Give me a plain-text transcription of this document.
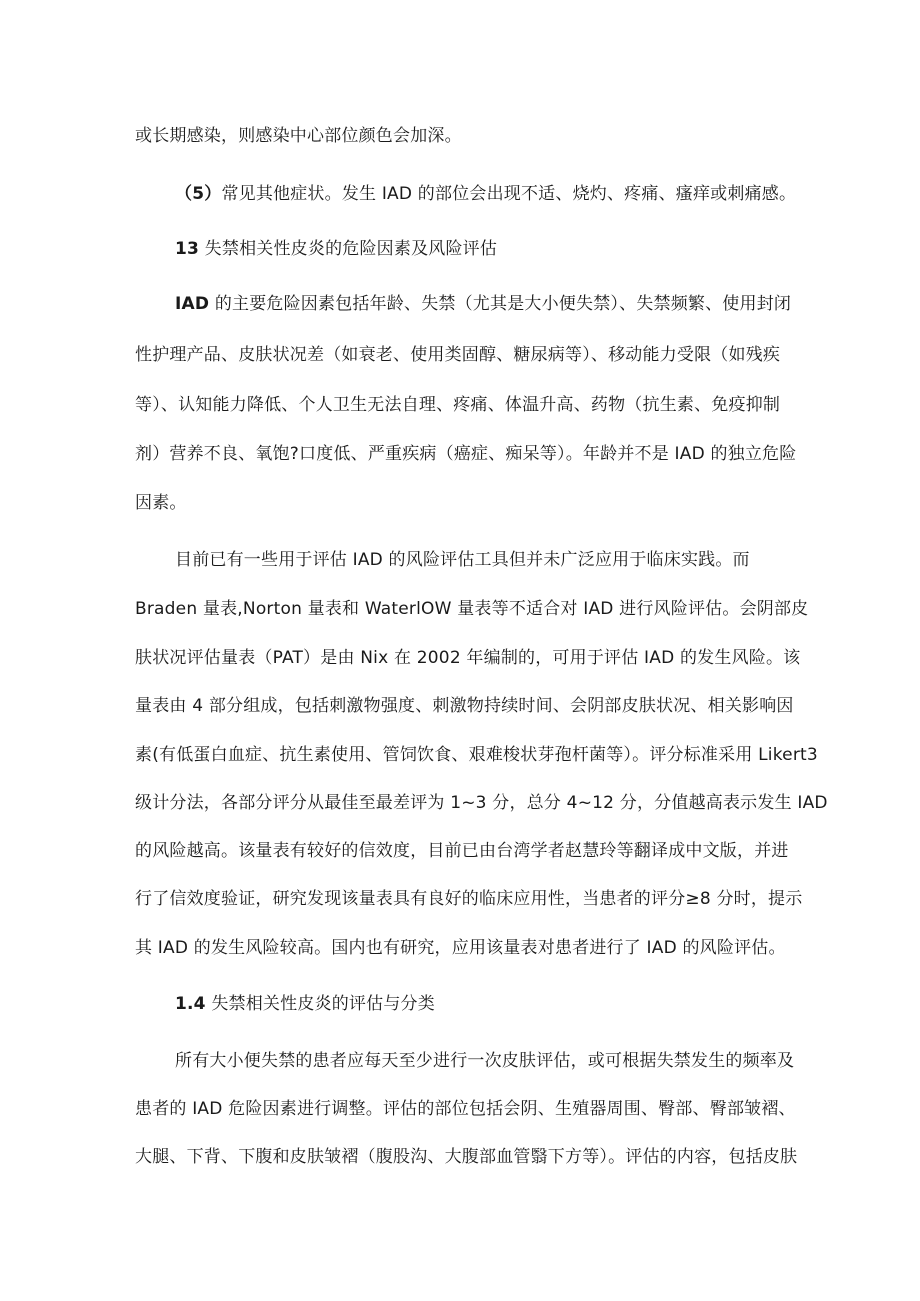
或长期感染，则感染中心部位颜色会加深。
（5）常见其他症状。发生 IAD 的部位会出现不适、烧灼、疼痛、瘙痒或刺痛感。
13 失禁相关性皮炎的危险因素及风险评估
IAD 的主要危险因素包括年龄、失禁（尤其是大小便失禁）、失禁频繁、使用封闭
性护理产品、皮肤状况差（如衰老、使用类固醇、糖尿病等）、移动能力受限（如残疾
等）、认知能力降低、个人卫生无法自理、疼痛、体温升高、药物（抗生素、免疫抑制
剂）营养不良、氧饱?口度低、严重疾病（癌症、痴呆等）。年龄并不是 IAD 的独立危险
因素。
目前已有一些用于评估 IAD 的风险评估工具但并未广泛应用于临床实践。而
Braden 量表,Norton 量表和 WaterlOW 量表等不适合对 IAD 进行风险评估。会阴部皮
肤状况评估量表（PAT）是由 Nix 在 2002 年编制的，可用于评估 IAD 的发生风险。该
量表由 4 部分组成，包括刺激物强度、刺激物持续时间、会阴部皮肤状况、相关影响因
素(有低蛋白血症、抗生素使用、管饲饮食、艰难梭状芽孢杆菌等）。评分标准采用 Likert3
级计分法，各部分评分从最佳至最差评为 1~3 分，总分 4~12 分，分值越高表示发生 IAD
的风险越高。该量表有较好的信效度，目前已由台湾学者赵慧玲等翻译成中文版，并进
行了信效度验证，研究发现该量表具有良好的临床应用性，当患者的评分≥8 分时，提示
其 IAD 的发生风险较高。国内也有研究，应用该量表对患者进行了 IAD 的风险评估。
1.4 失禁相关性皮炎的评估与分类
所有大小便失禁的患者应每天至少进行一次皮肤评估，或可根据失禁发生的频率及
患者的 IAD 危险因素进行调整。评估的部位包括会阴、生殖器周围、臀部、臀部皱褶、
大腿、下背、下腹和皮肤皱褶（腹股沟、大腹部血管翳下方等）。评估的内容，包括皮肤
